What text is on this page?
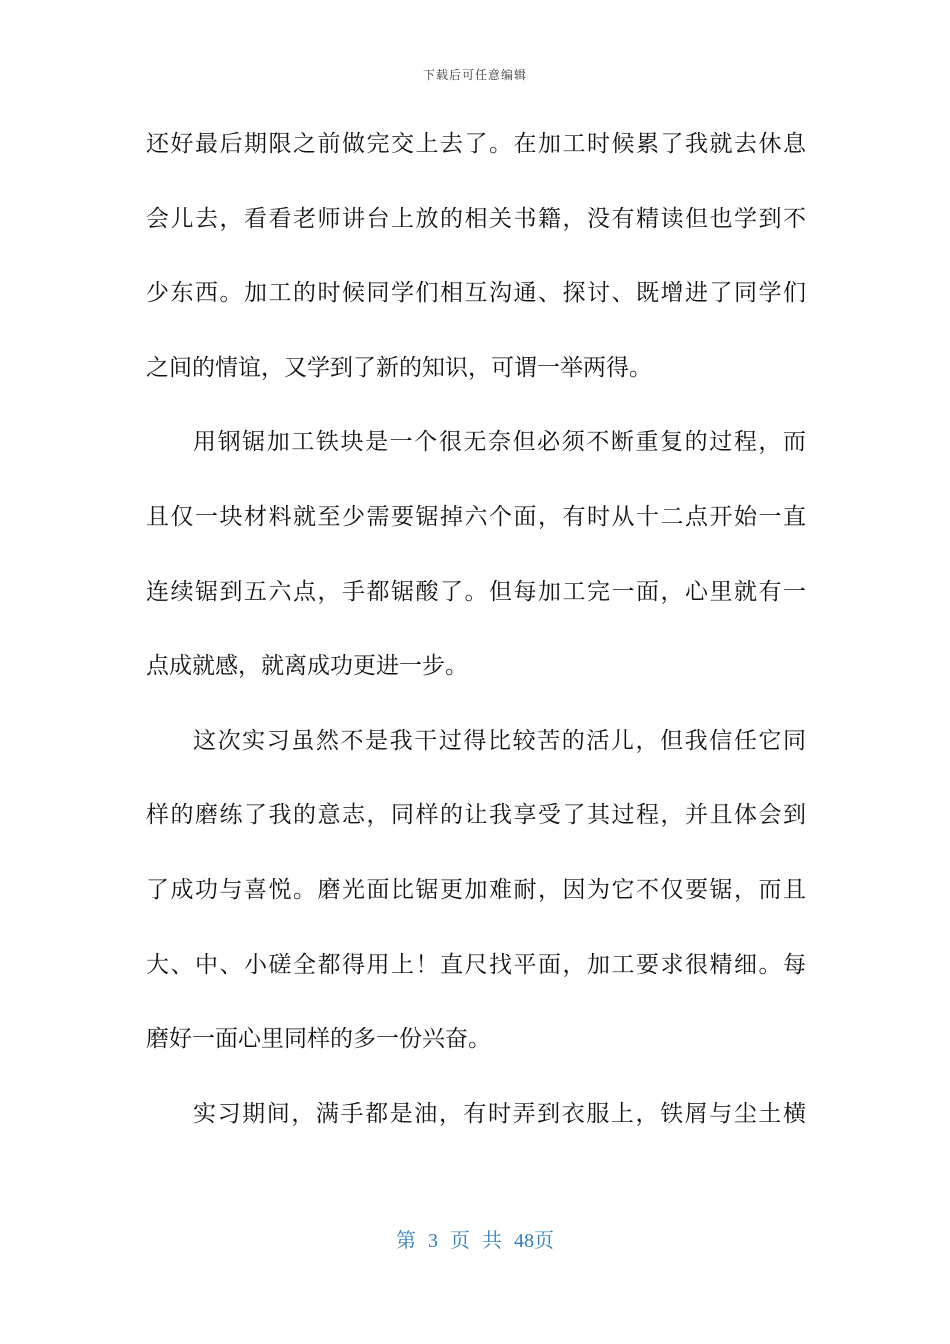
下载后可任意编辑
还好最后期限之前做完交上去了。在加工时候累了我就去休息
会儿去，看看老师讲台上放的相关书籍，没有精读但也学到不
少东西。加工的时候同学们相互沟通、探讨、既增进了同学们
之间的情谊，又学到了新的知识，可谓一举两得。
用钢锯加工铁块是一个很无奈但必须不断重复的过程，而
且仅一块材料就至少需要锯掉六个面，有时从十二点开始一直
连续锯到五六点，手都锯酸了。但每加工完一面，心里就有一
点成就感，就离成功更进一步。
这次实习虽然不是我干过得比较苦的活儿，但我信任它同
样的磨练了我的意志，同样的让我享受了其过程，并且体会到
了成功与喜悦。磨光面比锯更加难耐，因为它不仅要锯，而且
大、中、小磋全都得用上！直尺找平面，加工要求很精细。每
磨好一面心里同样的多一份兴奋。
实习期间，满手都是油，有时弄到衣服上，铁屑与尘土横
第 3 页 共 48页
